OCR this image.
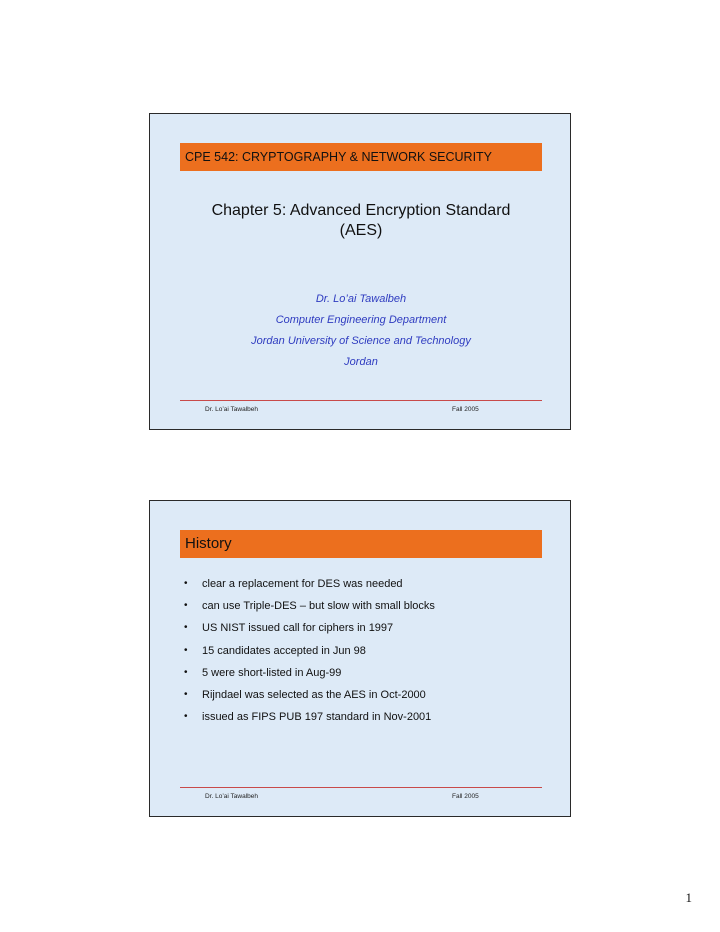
CPE 542: CRYPTOGRAPHY & NETWORK SECURITY
Chapter 5: Advanced Encryption Standard
(AES)
Dr. Lo’ai Tawalbeh
Computer Engineering Department
Jordan University of Science and Technology
Jordan
Dr. Lo’ai Tawalbeh	Fall 2005
History
• clear a replacement for DES was needed
• can use Triple-DES – but slow with small blocks
• US NIST issued call for ciphers in 1997
• 15 candidates accepted in Jun 98
• 5 were short-listed in Aug-99
• Rijndael was selected as the AES in Oct-2000
• issued as FIPS PUB 197 standard in Nov-2001
Dr. Lo’ai Tawalbeh	Fall 2005
1
